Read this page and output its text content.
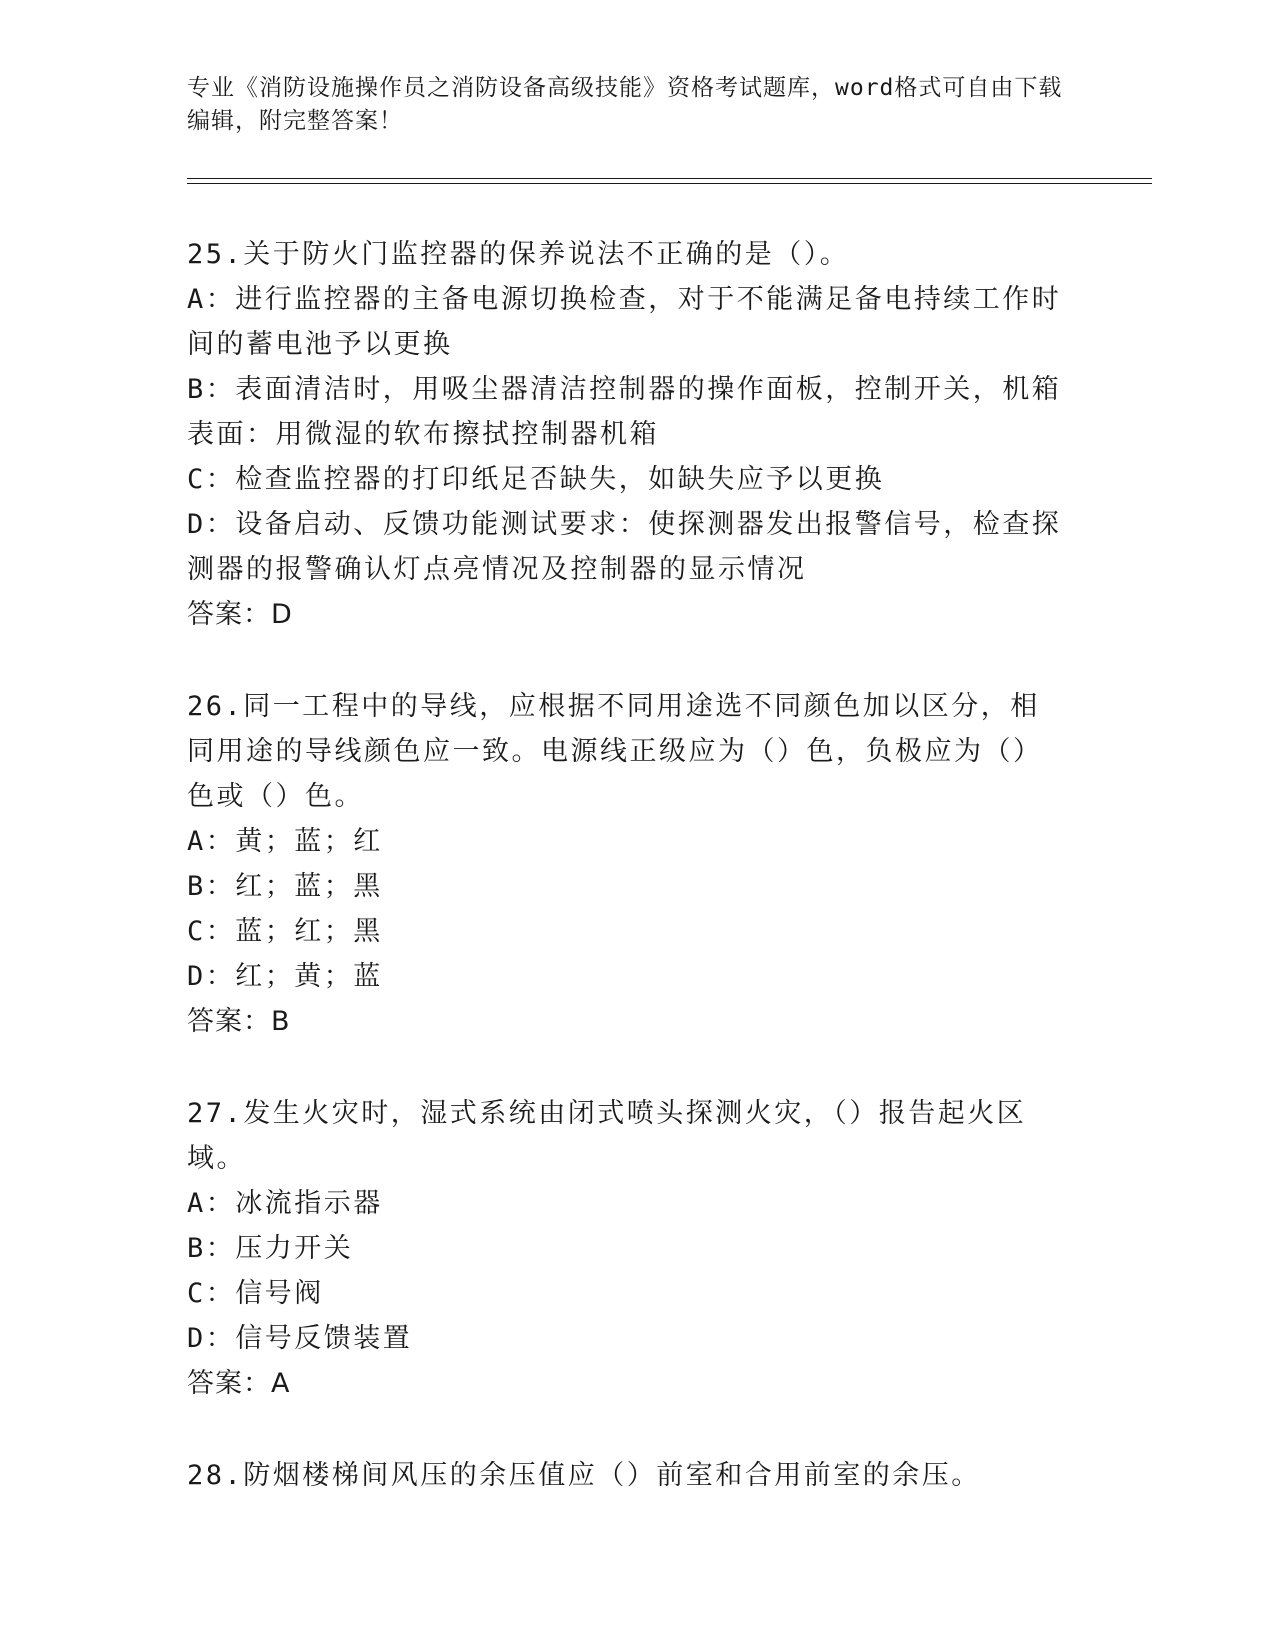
专业《消防设施操作员之消防设备高级技能》资格考试题库，word格式可自由下载编辑，附完整答案！

25.关于防火门监控器的保养说法不正确的是（）。

A：进行监控器的主备电源切换检查，对于不能满足备电持续工作时间的蓄电池予以更换

B：表面清洁时，用吸尘器清洁控制器的操作面板，控制开关，机箱表面：用微湿的软布擦拭控制器机箱

C：检查监控器的打印纸足否缺失，如缺失应予以更换

D：设备启动、反馈功能测试要求：使探测器发出报警信号，检查探测器的报警确认灯点亮情况及控制器的显示情况

答案：D

26.同一工程中的导线，应根据不同用途选不同颜色加以区分，相同用途的导线颜色应一致。电源线正级应为（）色，负极应为（）色或（）色。

A：黄；蓝；红

B：红；蓝；黑

C：蓝；红；黑

D：红；黄；蓝

答案：B

27.发生火灾时，湿式系统由闭式喷头探测火灾，（）报告起火区域。

A：冰流指示器

B：压力开关

C：信号阀

D：信号反馈装置

答案：A

28.防烟楼梯间风压的余压值应（）前室和合用前室的余压。
